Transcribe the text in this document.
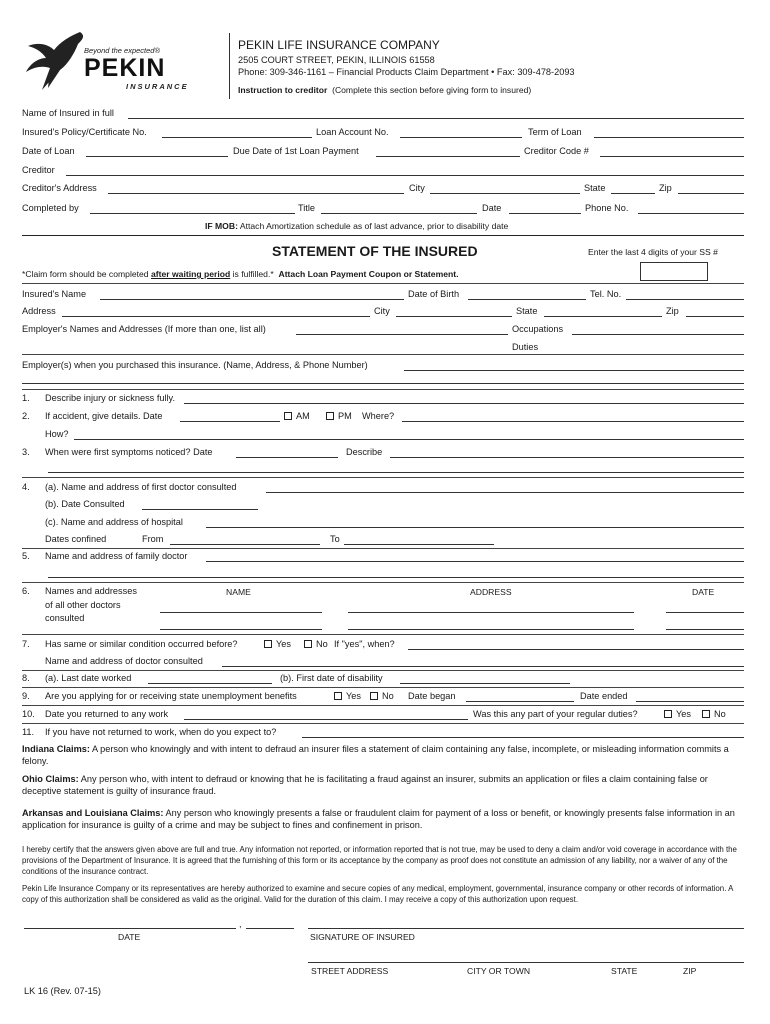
Beyond the expected®
PEKIN
INSURANCE
PEKIN LIFE INSURANCE COMPANY
2505 COURT STREET, PEKIN, ILLINOIS 61558
Phone: 309-346-1161 – Financial Products Claim Department • Fax: 309-478-2093
Instruction to creditor (Complete this section before giving form to insured)
Name of Insured in full
Insured's Policy/Certificate No.	Loan Account No.	Term of Loan
Date of Loan	Due Date of 1st Loan Payment	Creditor Code #
Creditor
Creditor's Address	City	State	Zip
Completed by	Title	Date	Phone No.
IF MOB: Attach Amortization schedule as of last advance, prior to disability date
STATEMENT OF THE INSURED	Enter the last 4 digits of your SS #
*Claim form should be completed after waiting period is fulfilled.* Attach Loan Payment Coupon or Statement.
Insured's Name	Date of Birth	Tel. No.
Address	City	State	Zip
Employer's Names and Addresses (If more than one, list all)	Occupations
Duties
Employer(s) when you purchased this insurance. (Name, Address, & Phone Number)
1. Describe injury or sickness fully.
2. If accident, give details. Date	AM	PM Where?
How?
3. When were first symptoms noticed? Date	Describe
4. (a). Name and address of first doctor consulted
(b). Date Consulted
(c). Name and address of hospital
Dates confined	From	To
5. Name and address of family doctor
6. Names and addresses
of all other doctors
consulted
NAME	ADDRESS	DATE
7. Has same or similar condition occurred before?	Yes	No If "yes", when?
Name and address of doctor consulted
8. (a). Last date worked	(b). First date of disability
9. Are you applying for or receiving state unemployment benefits	Yes	No Date began	Date ended
10. Date you returned to any work	Was this any part of your regular duties?	Yes	No
11. If you have not returned to work, when do you expect to?
Indiana Claims: A person who knowingly and with intent to defraud an insurer files a statement of claim containing any false, incomplete, or misleading information commits a felony.
Ohio Claims: Any person who, with intent to defraud or knowing that he is facilitating a fraud against an insurer, submits an application or files a claim containing false or deceptive statement is guilty of insurance fraud.
Arkansas and Louisiana Claims: Any person who knowingly presents a false or fraudulent claim for payment of a loss or benefit, or knowingly presents false information in an application for insurance is guilty of a crime and may be subject to fines and confinement in prison.
I hereby certify that the answers given above are full and true. Any information not reported, or information reported that is not true, may be used to deny a claim and/or void coverage in accordance with the provisions of the Department of Insurance. It is agreed that the furnishing of this form or its acceptance by the company as proof does not constitute an admission of any liability, nor a waiver of any of the conditions of the insurance contract.
Pekin Life Insurance Company or its representatives are hereby authorized to examine and secure copies of any medical, employment, governmental, insurance company or other records of information. A copy of this authorization shall be considered as valid as the original. Valid for the duration of this claim. I may receive a copy of this authorization upon request.
,
DATE	SIGNATURE OF INSURED
STREET ADDRESS	CITY OR TOWN	STATE	ZIP
LK 16 (Rev. 07-15)
